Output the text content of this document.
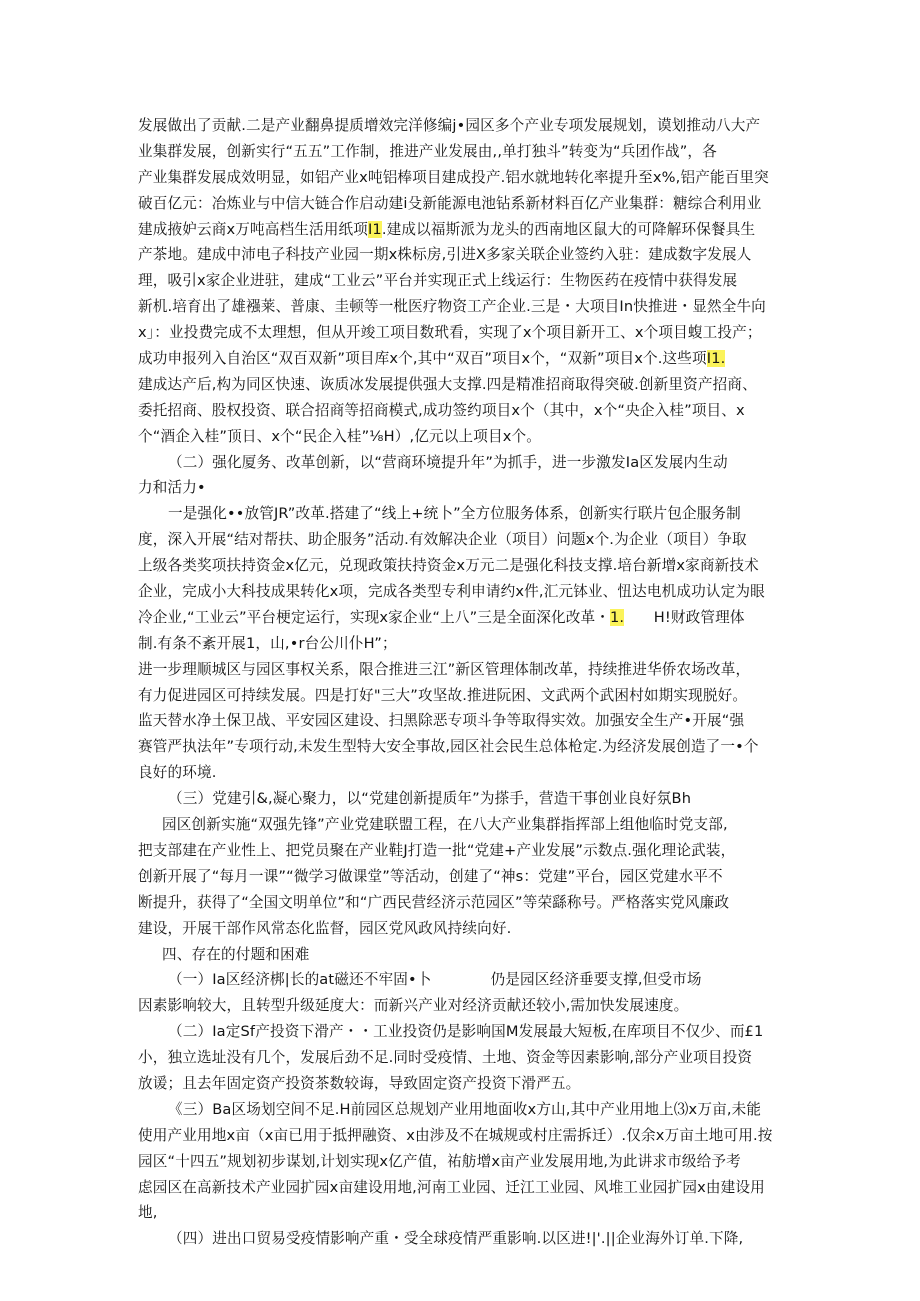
发展做出了贡献.二是产业翻鼻提质增效完洋修编j•园区多个产业专项发展规划，谟划推动八大产
业集群发展，创新实行“五五”工作制，推进产业发展由,,单打独斗”转变为“兵团作战”，各
产业集群发展成效明显，如铝产业x吨铝棒项目建成投产.铝水就地转化率提升至x%,铝产能百里突
破百亿元：冶炼业与中信大链合作启动建i殳新能源电池钻系新材料百亿产业集群：糖综合利用业
建成掖妒云商x万吨高档生活用纸项I1.建成以福斯派为龙头的西南地区鼠大的可降解环保餐具生
产茶地。建成中沛电子科技产业园一期x株标房,引进X多家关联企业签约入驻：建成数字发展人
理，吸引x家企业进驻，建成“工业云”平台并实现正式上线运行：生物医药在疫情中获得发展
新机.培育出了雄襁莱、普康、圭顿等一枇医疗物资工产企业.三是・大项目In快推进・显然全牛向
x」：业投费完成不太理想，但从开竣工项目数玳看，实现了x个项目新开工、x个项目蝮工投产；
成功申报列入自治区“双百双新”项目库x个,其中“双百”项目x个，“双新”项目x个.这些项I1.
建成达产后,构为同区快速、诙质冰发展提供强大支撑.四是精准招商取得突破.创新里资产招商、
委托招商、股权投资、联合招商等招商模式,成功签约项目x个（其中，x个“央企入桂”项目、x
个“酒企入桂”顶日、x个“民企入桂”⅛H）,亿元以上项目x个。
（二）强化厦务、改革创新，以“营商环境提升年”为抓手，进一步激发Ia区发展内生动
力和活力•
一是强化••放管JR”改革.搭建了“线上+统卜”全方位服务体系，创新实行联片包企服务制
度，深入开展“结对帮扶、助企服务”活动.有效解决企业（项目）问题x个.为企业（项目）争取
上级各类奖项扶持资金x亿元，兑现政策扶持资金x万元二是强化科技支撑.培台新增x家商新技术
企业，完成小大科技成果转化x项，完成各类型专利申请约x件,汇元钵业、忸达电机成功认定为眼
冷企业,“工业云”平台梗定运行，实现x家企业“上八”三是全面深化改革・1.　　H!财政管理体
制.有条不紊开展1，山,•r台公川仆H”；
进一步理顺城区与园区事权关系，限合推进三江”新区管理体制改革，持续推进华侨农场改革，
有力促进园区可持续发展。四是打好"三大”攻坚故.推进阮困、文武两个武困村如期实现脱好。
监天替水净土保卫战、平安园区建设、扫黑除恶专项斗争等取得实效。加强安全生产•开展“强
赛管严执法年”专项行动,未发生型特大安全事故,园区社会民生总体枪定.为经济发展创造了一•个
良好的环境.
（三）党建引&,凝心聚力，以“党建创新提质年”为搽手，营造干事创业良好氛Bh
园区创新实施“双强先锋”产业党建联盟工程，在八大产业集群指挥部上组他临时党支部,
把支部建在产业性上、把党员聚在产业鞋J打造一批“党建+产业发展”示数点.强化理论武装，
创新开展了“每月一课”“微学习做课堂”等活动，创建了“神s：党建”平台，园区党建水平不
断提升，获得了“全国文明单位”和“广西民营经济示范园区”等荣繇称号。严格落实党风廉政
建设，开展干部作风常态化监督，园区党风政风持续向好.
四、存在的付题和困难
（一）Ia区经济梆|长的at磁还不牢固•卜　　　　仍是园区经济垂要支撑,但受市场
因素影响较大，且转型升级延度大：而新兴产业对经济贡献还较小,需加快发展速度。
（二）Ia定Sf产投资下滑产・・工业投资仍是影响国M发展最大短板,在库项目不仅少、而£1
小，独立选址没有几个，发展后劲不足.同时受疫情、土地、资金等因素影响,部分产业项目投资
放谖；且去年固定资产投资茶数较诲，导致固定资产投资下滑严五。
《三）Ba区场划空间不足.H前园区总规划产业用地面收x方山,其中产业用地上⑶x万亩,未能
使用产业用地x亩（x亩已用于抵押融资、x由涉及不在城规或村庄需拆迁）.仅余x万亩土地可用.按
园区“十四五”规划初步谋划,计划实现x亿产值，祐舫增x亩产业发展用地,为此讲求市级给予考
虑园区在高新技术产业园扩园x亩建设用地,河南工业园、迁江工业园、风堆工业园扩园x由建设用
地,
（四）进出口贸易受疫情影响产重・受全球疫情严重影响.以区进!|'.||企业海外订单.下降,
